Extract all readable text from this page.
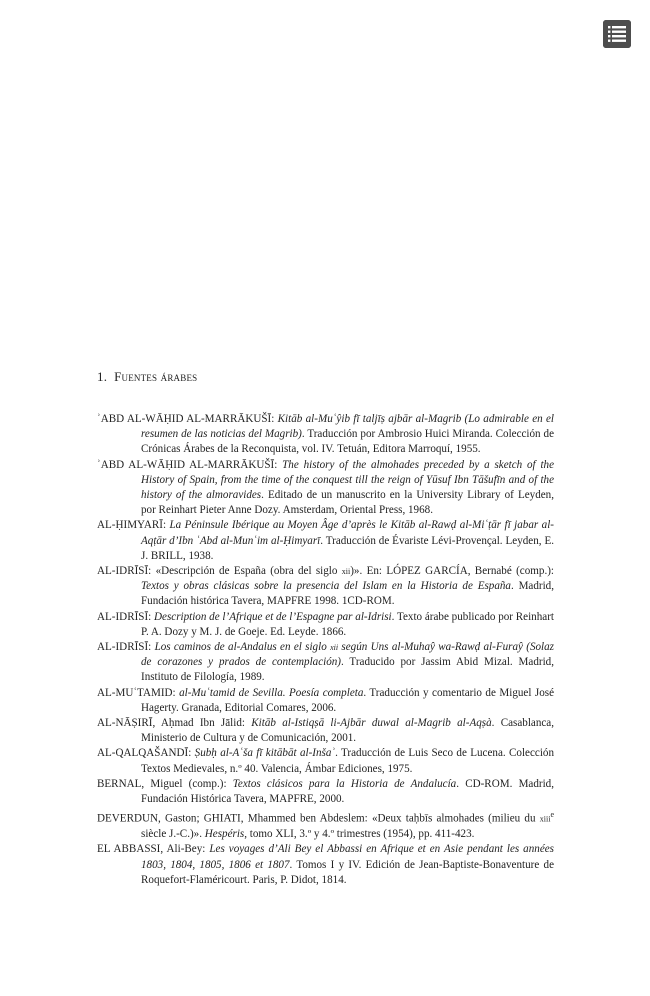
1. Fuentes árabes
ʾABD AL-WĀḤID AL-MARRĀKUŠĪ: Kitāb al-Muʿŷib fī taljīṣ ajbār al-Magrib (Lo admirable en el resumen de las noticias del Magrib). Traducción por Ambrosio Huici Miranda. Colección de Crónicas Árabes de la Reconquista, vol. IV. Tetuán, Editora Marroquí, 1955.
ʾABD AL-WĀḤID AL-MARRĀKUŠĪ: The history of the almohades preceded by a sketch of the History of Spain, from the time of the conquest till the reign of Yūsuf Ibn Tāšufīn and of the history of the almoravides. Editado de un manuscrito en la University Library of Leyden, por Reinhart Pieter Anne Dozy. Amsterdam, Oriental Press, 1968.
AL-ḤIMYARĪ: La Péninsule Ibérique au Moyen Âge d’après le Kitāb al-Rawḍ al-Miʿṭār fī jabar al-Aqṭār d’Ibn ʿAbd al-Munʿim al-Ḥimyarī. Traducción de Évariste Lévi-Provençal. Leyden, E. J. BRILL, 1938.
AL-IDRĪSĪ: «Descripción de España (obra del siglo xii)». En: LÓPEZ GARCÍA, Bernabé (comp.): Textos y obras clásicas sobre la presencia del Islam en la Historia de España. Madrid, Fundación histórica Tavera, MAPFRE 1998. 1CD-ROM.
AL-IDRĪSĪ: Description de l’Afrique et de l’Espagne par al-Idrisi. Texto árabe publicado por Reinhart P. A. Dozy y M. J. de Goeje. Ed. Leyde. 1866.
AL-IDRĪSĪ: Los caminos de al-Andalus en el siglo xii según Uns al-Muhaŷ wa-Rawḍ al-Furaŷ (Solaz de corazones y prados de contemplación). Traducido por Jassim Abid Mizal. Madrid, Instituto de Filología, 1989.
AL-MUʿTAMID: al-Muʿtamid de Sevilla. Poesía completa. Traducción y comentario de Miguel José Hagerty. Granada, Editorial Comares, 2006.
AL-NĀṢIRĪ, Aḥmad Ibn Jālid: Kitāb al-Istiqṣā li-Ajbār duwal al-Magrib al-Aqṣà. Casablanca, Ministerio de Cultura y de Comunicación, 2001.
AL-QALQAŠANDĪ: Ṣubḥ al-Aʿša fī kitābāt al-Inšaʾ. Traducción de Luis Seco de Lucena. Colección Textos Medievales, n.º 40. Valencia, Ámbar Ediciones, 1975.
BERNAL, Miguel (comp.): Textos clásicos para la Historia de Andalucía. CD-ROM. Madrid, Fundación Histórica Tavera, MAPFRE, 2000.
DEVERDUN, Gaston; GHIATI, Mhammed ben Abdeslem: «Deux taḥbīs almohades (milieu du xiii$^e$ siècle J.-C.)». Hespéris, tomo XLI, 3.º y 4.º trimestres (1954), pp. 411-423.
EL ABBASSI, Ali-Bey: Les voyages d’Ali Bey el Abbassi en Afrique et en Asie pendant les années 1803, 1804, 1805, 1806 et 1807. Tomos I y IV. Edición de Jean-Baptiste-Bonaventure de Roquefort-Flaméricourt. Paris, P. Didot, 1814.
